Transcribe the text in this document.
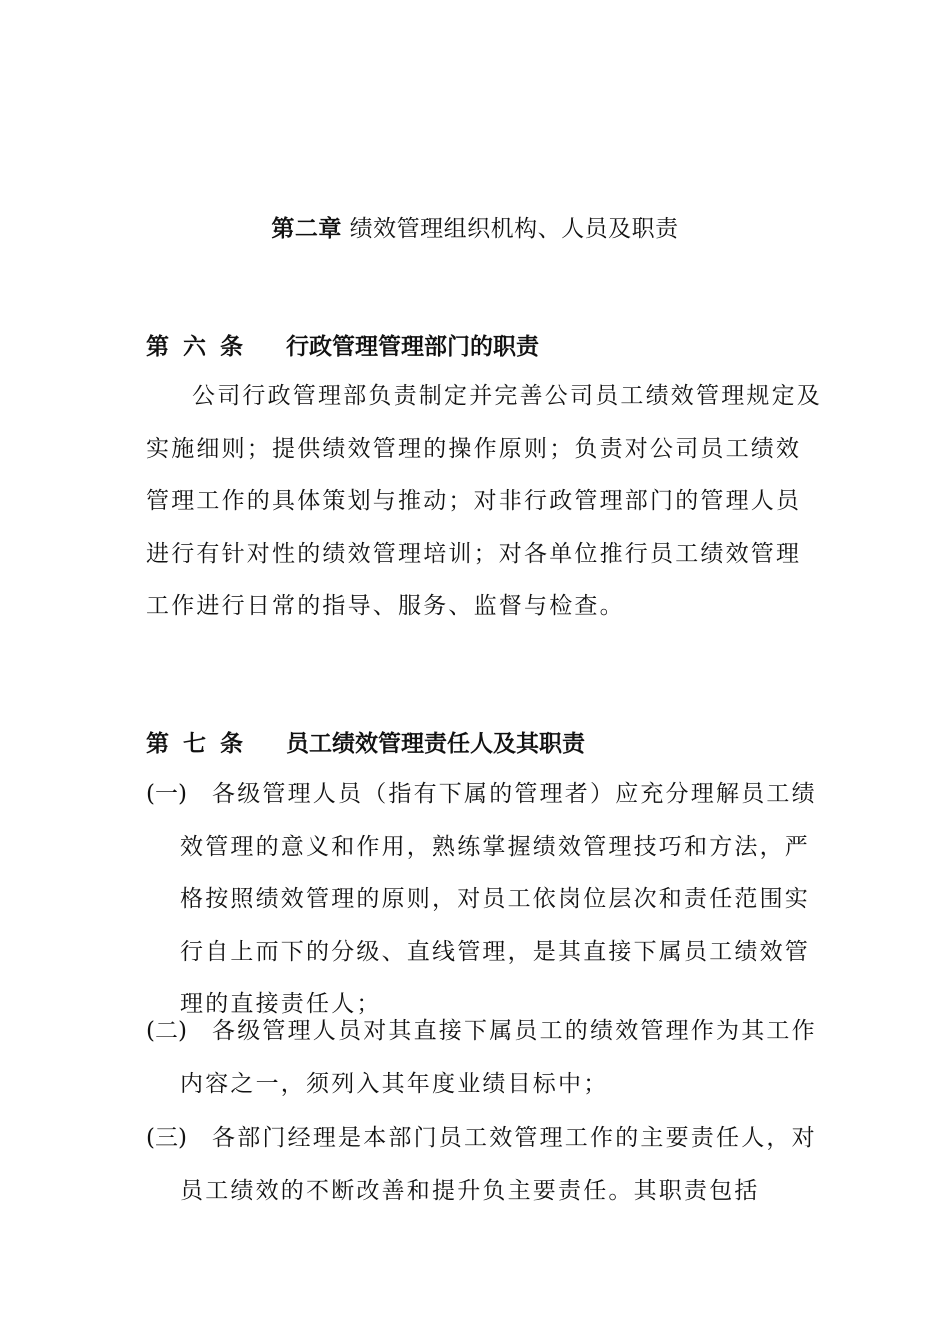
第二章 绩效管理组织机构、人员及职责
第 六 条 行政管理管理部门的职责

公司行政管理部负责制定并完善公司员工绩效管理规定及实施细则；提供绩效管理的操作原则；负责对公司员工绩效管理工作的具体策划与推动；对非行政管理部门的管理人员进行有针对性的绩效管理培训；对各单位推行员工绩效管理工作进行日常的指导、服务、监督与检查。

第 七 条 员工绩效管理责任人及其职责
(一)	各级管理人员（指有下属的管理者）应充分理解员工绩效管理的意义和作用，熟练掌握绩效管理技巧和方法，严格按照绩效管理的原则，对员工依岗位层次和责任范围实行自上而下的分级、直线管理，是其直接下属员工绩效管理的直接责任人；
(二)	各级管理人员对其直接下属员工的绩效管理作为其工作内容之一，须列入其年度业绩目标中；
(三)	各部门经理是本部门员工效管理工作的主要责任人，对员工绩效的不断改善和提升负主要责任。其职责包括
